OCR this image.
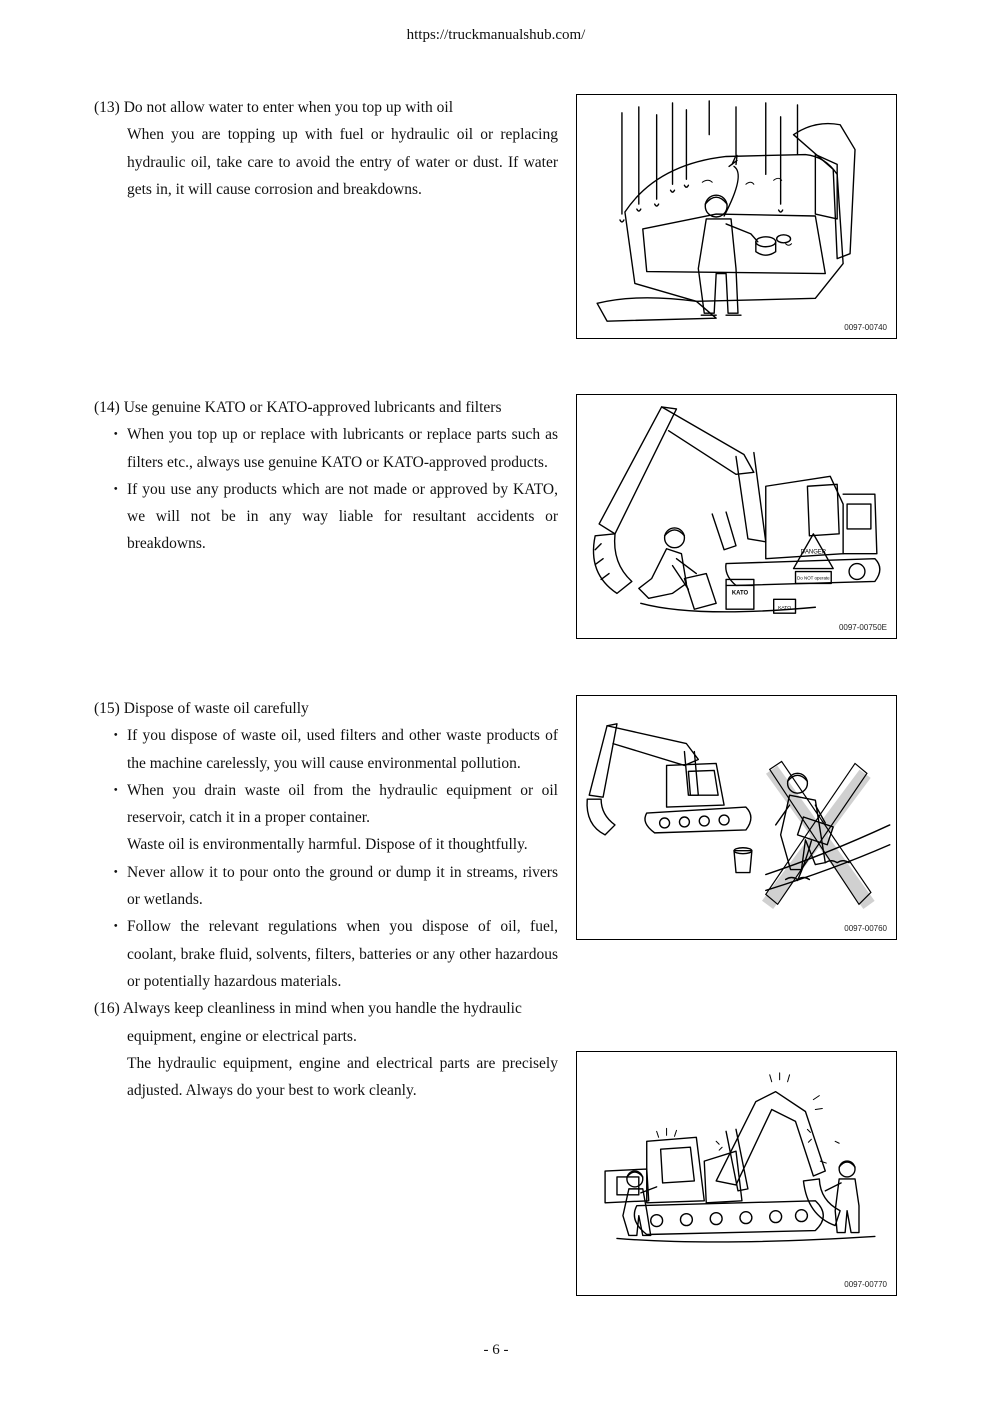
https://truckmanualshub.com/
(13) Do not allow water to enter when you top up with oil
When you are topping up with fuel or hydraulic oil or replacing hydraulic oil, take care to avoid the entry of water or dust. If water gets in, it will cause corrosion and breakdowns.
(14) Use genuine KATO or KATO-approved lubricants and filters
・ When you top up or replace with lubricants or replace parts such as filters etc., always use genuine KATO or KATO-approved products.
・ If you use any products which are not made or approved by KATO, we will not be in any way liable for resultant accidents or breakdowns.
(15) Dispose of waste oil carefully
・ If you dispose of waste oil, used filters and other waste products of the machine carelessly, you will cause environmental pollution.
・ When you drain waste oil from the hydraulic equipment or oil reservoir, catch it in a proper container.
Waste oil is environmentally harmful. Dispose of it thoughtfully.
・ Never allow it to pour onto the ground or dump it in streams, rivers or wetlands.
・ Follow the relevant regulations when you dispose of oil, fuel, coolant, brake fluid, solvents, filters, batteries or any other hazardous or potentially hazardous materials.
(16) Always keep cleanliness in mind when you handle the hydraulic
equipment, engine or electrical parts.
The hydraulic equipment, engine and electrical parts are precisely adjusted. Always do your best to work cleanly.
0097-00740
DANGER
Do NOT operate
KATO
KATO
0097-00750E
0097-00760
0097-00770
- 6 -
